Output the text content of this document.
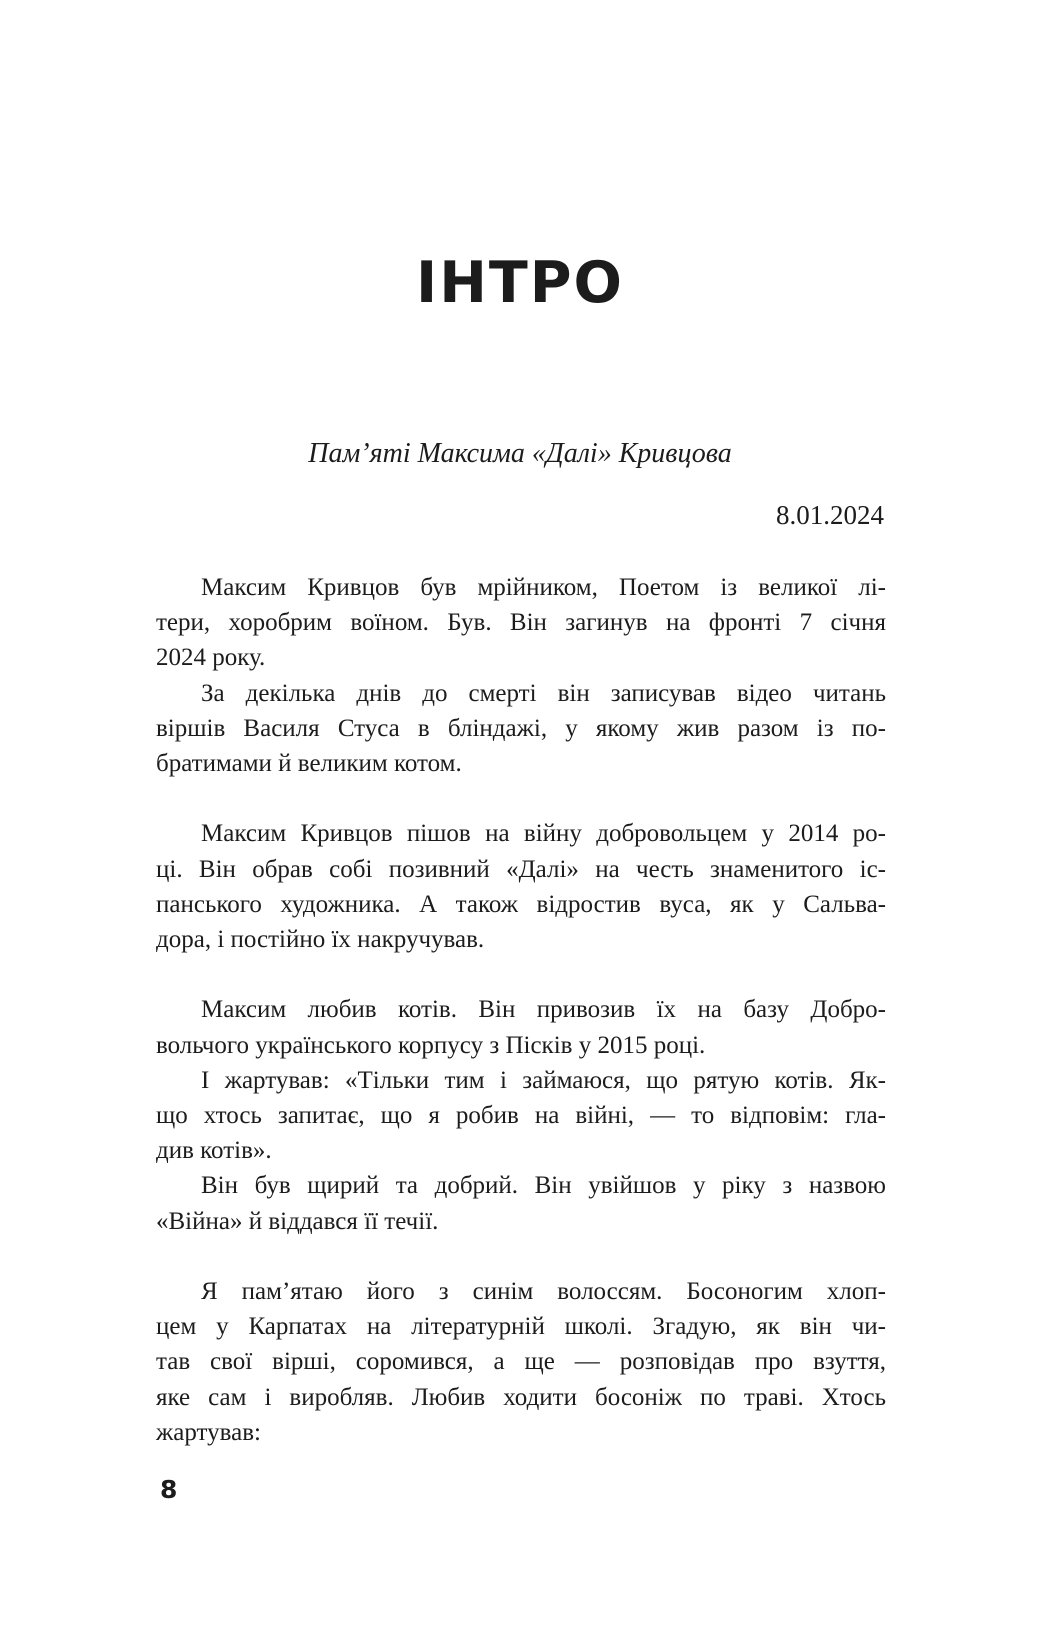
ІНТРО
Пам’яті Максима «Далі» Кривцова
8.01.2024
Максим Кривцов був мрійником, Поетом із великої лі-
тери, хоробрим воїном. Був. Він загинув на фронті 7 січня
2024 року.
За декілька днів до смерті він записував відео читань
віршів Василя Стуса в бліндажі, у якому жив разом із по-
братимами й великим котом.
Максим Кривцов пішов на війну добровольцем у 2014 ро-
ці. Він обрав собі позивний «Далі» на честь знаменитого іс-
панського художника. А також відростив вуса, як у Сальва-
дора, і постійно їх накручував.
Максим любив котів. Він привозив їх на базу Добро-
вольчого українського корпусу з Пісків у 2015 році.
І жартував: «Тільки тим і займаюся, що рятую котів. Як-
що хтось запитає, що я робив на війні, — то відповім: гла-
див котів».
Він був щирий та добрий. Він увійшов у ріку з назвою
«Війна» й віддався її течії.
Я пам’ятаю його з синім волоссям. Босоногим хлоп-
цем у Карпатах на літературній школі. Згадую, як він чи-
тав свої вірші, соромився, а ще — розповідав про взуття,
яке сам і виробляв. Любив ходити босоніж по траві. Хтось
жартував:
8
